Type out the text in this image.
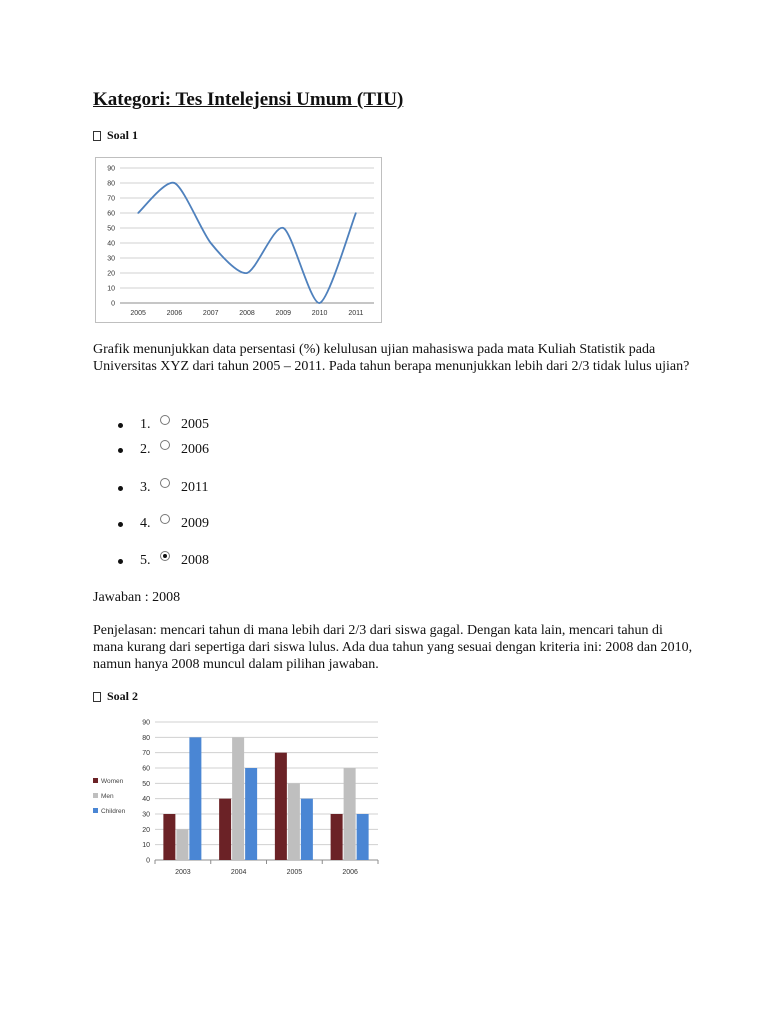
Kategori: Tes Intelejensi Umum (TIU)
Soal 1
0
10
20
30
40
50
60
70
80
90
2005	2006	2007	2008	2009	2010	2011

Grafik menunjukkan data persentasi (%) kelulusan ujian mahasiswa pada mata Kuliah Statistik pada Universitas XYZ dari tahun 2005 – 2011. Pada tahun berapa menunjukkan lebih dari 2/3 tidak lulus ujian?

1.	2005
2.	2006
3.	2011
4.	2009
5.	2008

Jawaban : 2008

Penjelasan: mencari tahun di mana lebih dari 2/3 dari siswa gagal. Dengan kata lain, mencari tahun di mana kurang dari sepertiga dari siswa lulus. Ada dua tahun yang sesuai dengan kriteria ini: 2008 dan 2010, namun hanya 2008 muncul dalam pilihan jawaban.

Soal 2
0
10
20
30
40
50
60
70
80
90
2003	2004	2005	2006
Women
Men
Children
